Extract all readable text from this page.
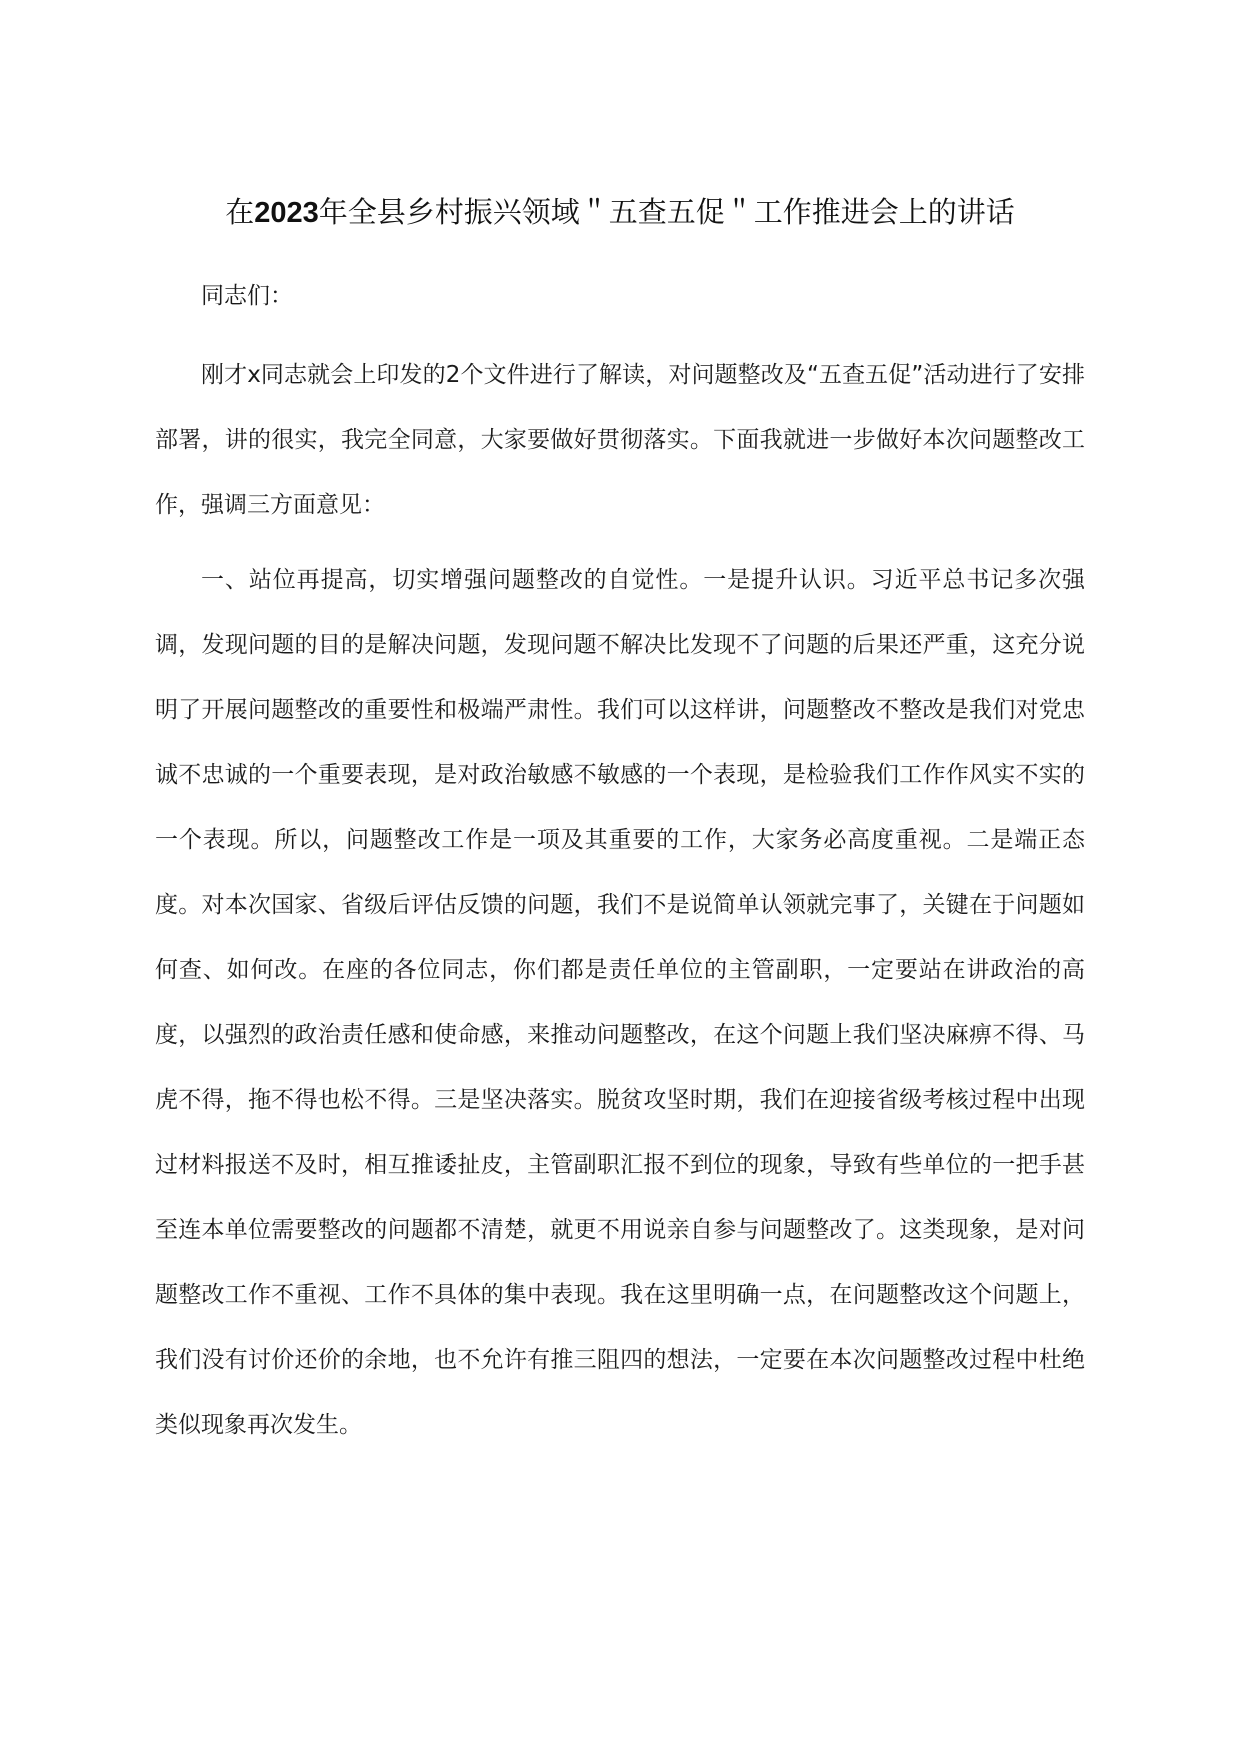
在2023年全县乡村振兴领域＂五查五促＂工作推进会上的讲话

同志们：

刚才x同志就会上印发的2个文件进行了解读，对问题整改及“五查五促”活动进行了安排部署，讲的很实，我完全同意，大家要做好贯彻落实。下面我就进一步做好本次问题整改工作，强调三方面意见：

一、站位再提高，切实增强问题整改的自觉性。一是提升认识。习近平总书记多次强调，发现问题的目的是解决问题，发现问题不解决比发现不了问题的后果还严重，这充分说明了开展问题整改的重要性和极端严肃性。我们可以这样讲，问题整改不整改是我们对党忠诚不忠诚的一个重要表现，是对政治敏感不敏感的一个表现，是检验我们工作作风实不实的一个表现。所以，问题整改工作是一项及其重要的工作，大家务必高度重视。二是端正态度。对本次国家、省级后评估反馈的问题，我们不是说简单认领就完事了，关键在于问题如何查、如何改。在座的各位同志，你们都是责任单位的主管副职，一定要站在讲政治的高度，以强烈的政治责任感和使命感，来推动问题整改，在这个问题上我们坚决麻痹不得、马虎不得，拖不得也松不得。三是坚决落实。脱贫攻坚时期，我们在迎接省级考核过程中出现过材料报送不及时，相互推诿扯皮，主管副职汇报不到位的现象，导致有些单位的一把手甚至连本单位需要整改的问题都不清楚，就更不用说亲自参与问题整改了。这类现象，是对问题整改工作不重视、工作不具体的集中表现。我在这里明确一点，在问题整改这个问题上，我们没有讨价还价的余地，也不允许有推三阻四的想法，一定要在本次问题整改过程中杜绝类似现象再次发生。
